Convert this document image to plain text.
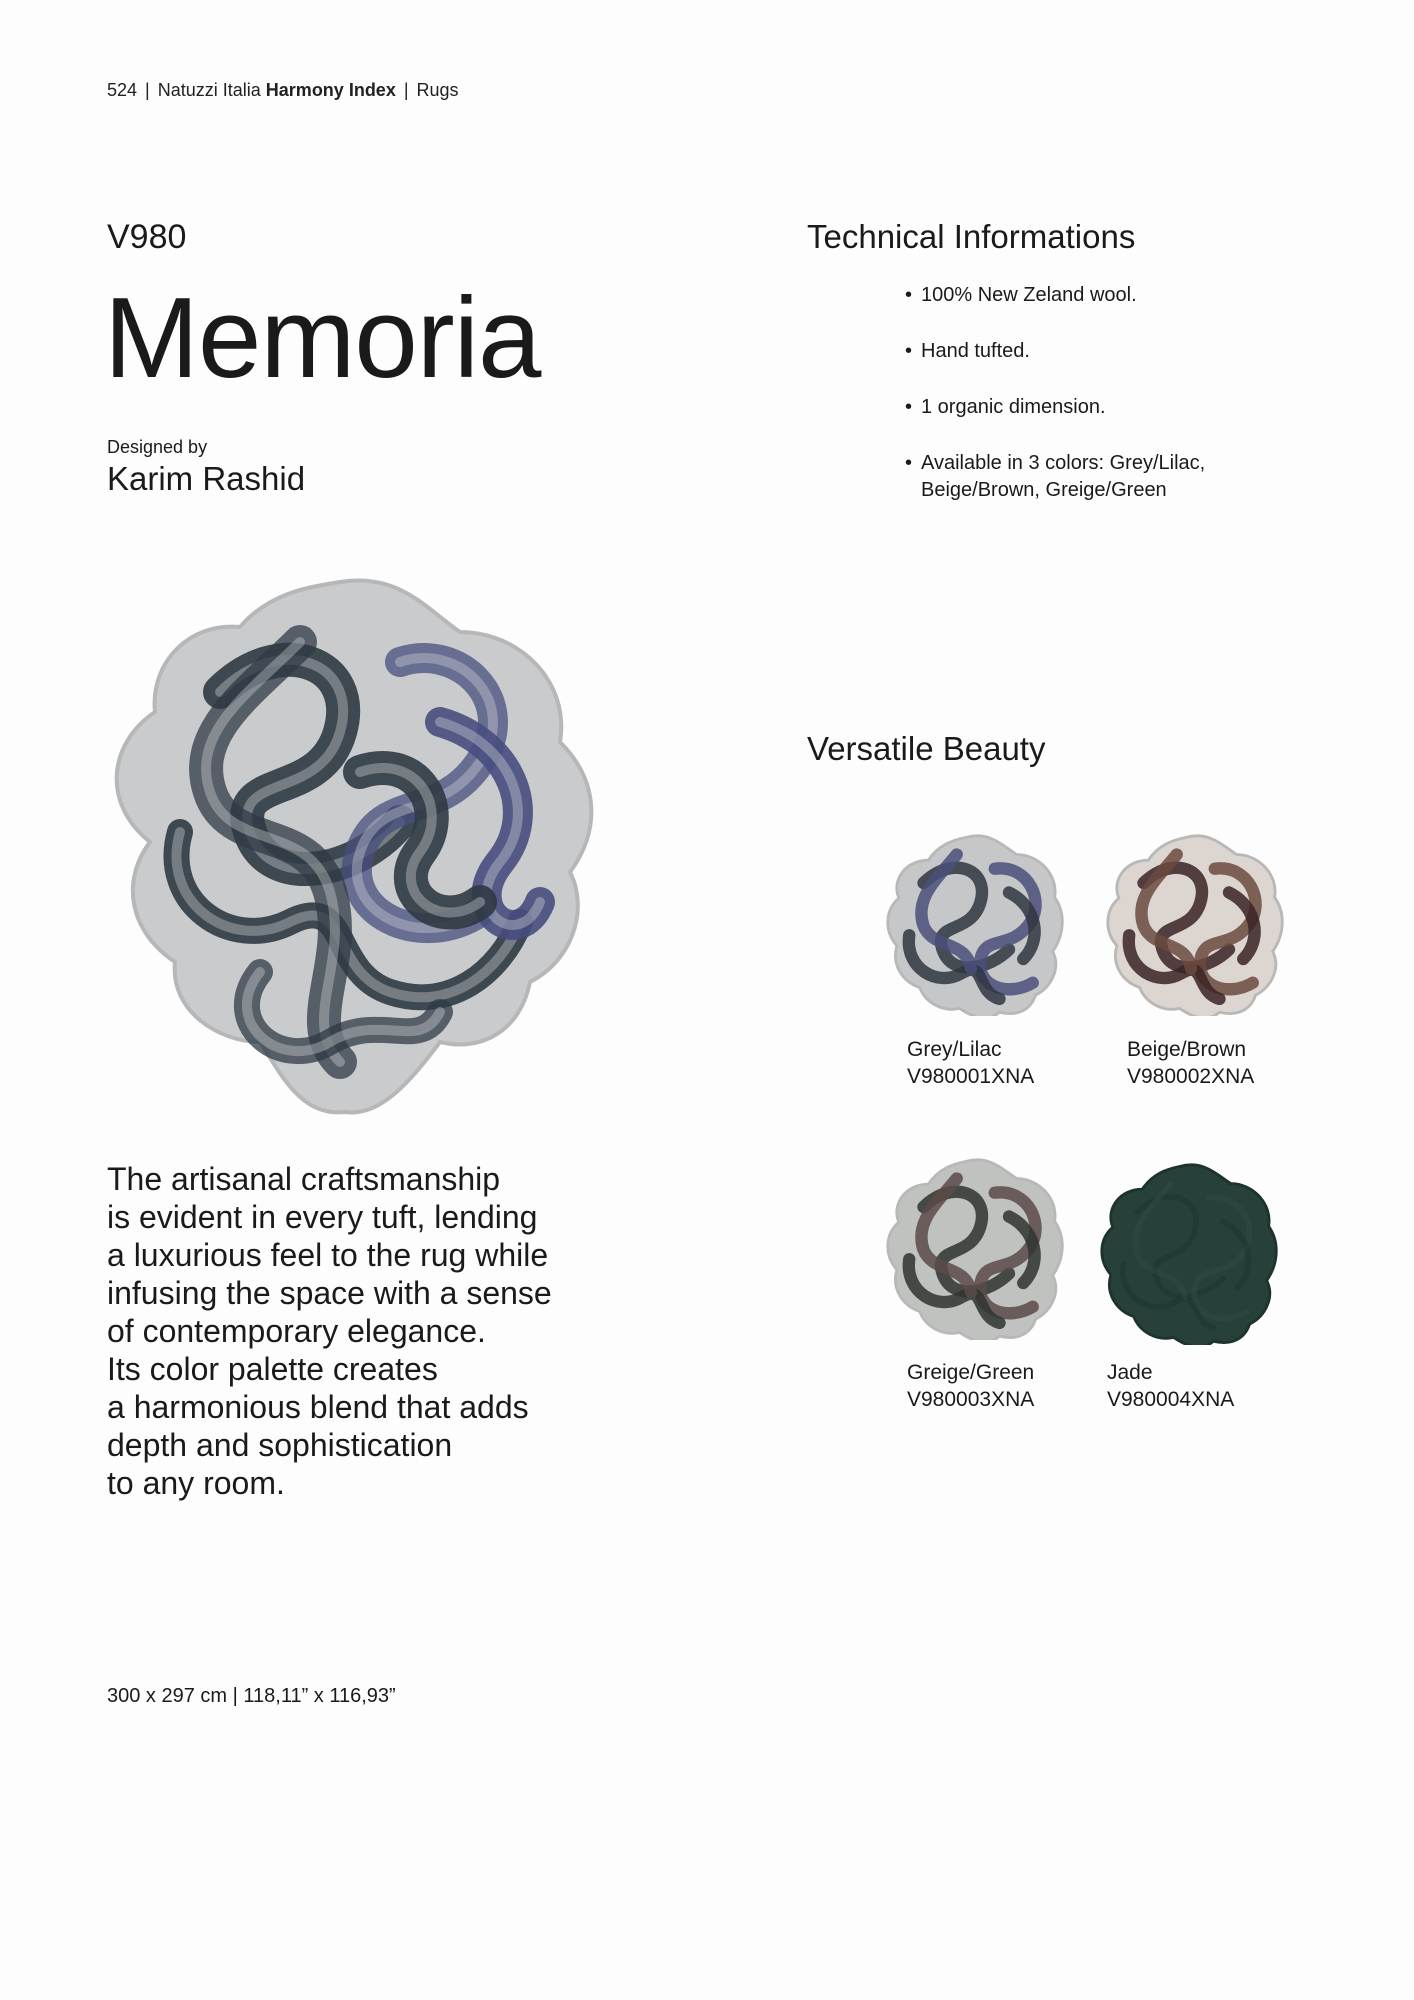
524 | Natuzzi Italia Harmony Index | Rugs
V980
Memoria
Designed by
Karim Rashid
Technical Informations
• 100% New Zeland wool.
• Hand tufted.
• 1 organic dimension.
• Available in 3 colors: Grey/Lilac, Beige/Brown, Greige/Green
Versatile Beauty
Grey/Lilac
V980001XNA
Beige/Brown
V980002XNA
Greige/Green
V980003XNA
Jade
V980004XNA

The artisanal craftsmanship
is evident in every tuft, lending
a luxurious feel to the rug while
infusing the space with a sense
of contemporary elegance.
Its color palette creates
a harmonious blend that adds
depth and sophistication
to any room.

300 x 297 cm | 118,11” x 116,93”
